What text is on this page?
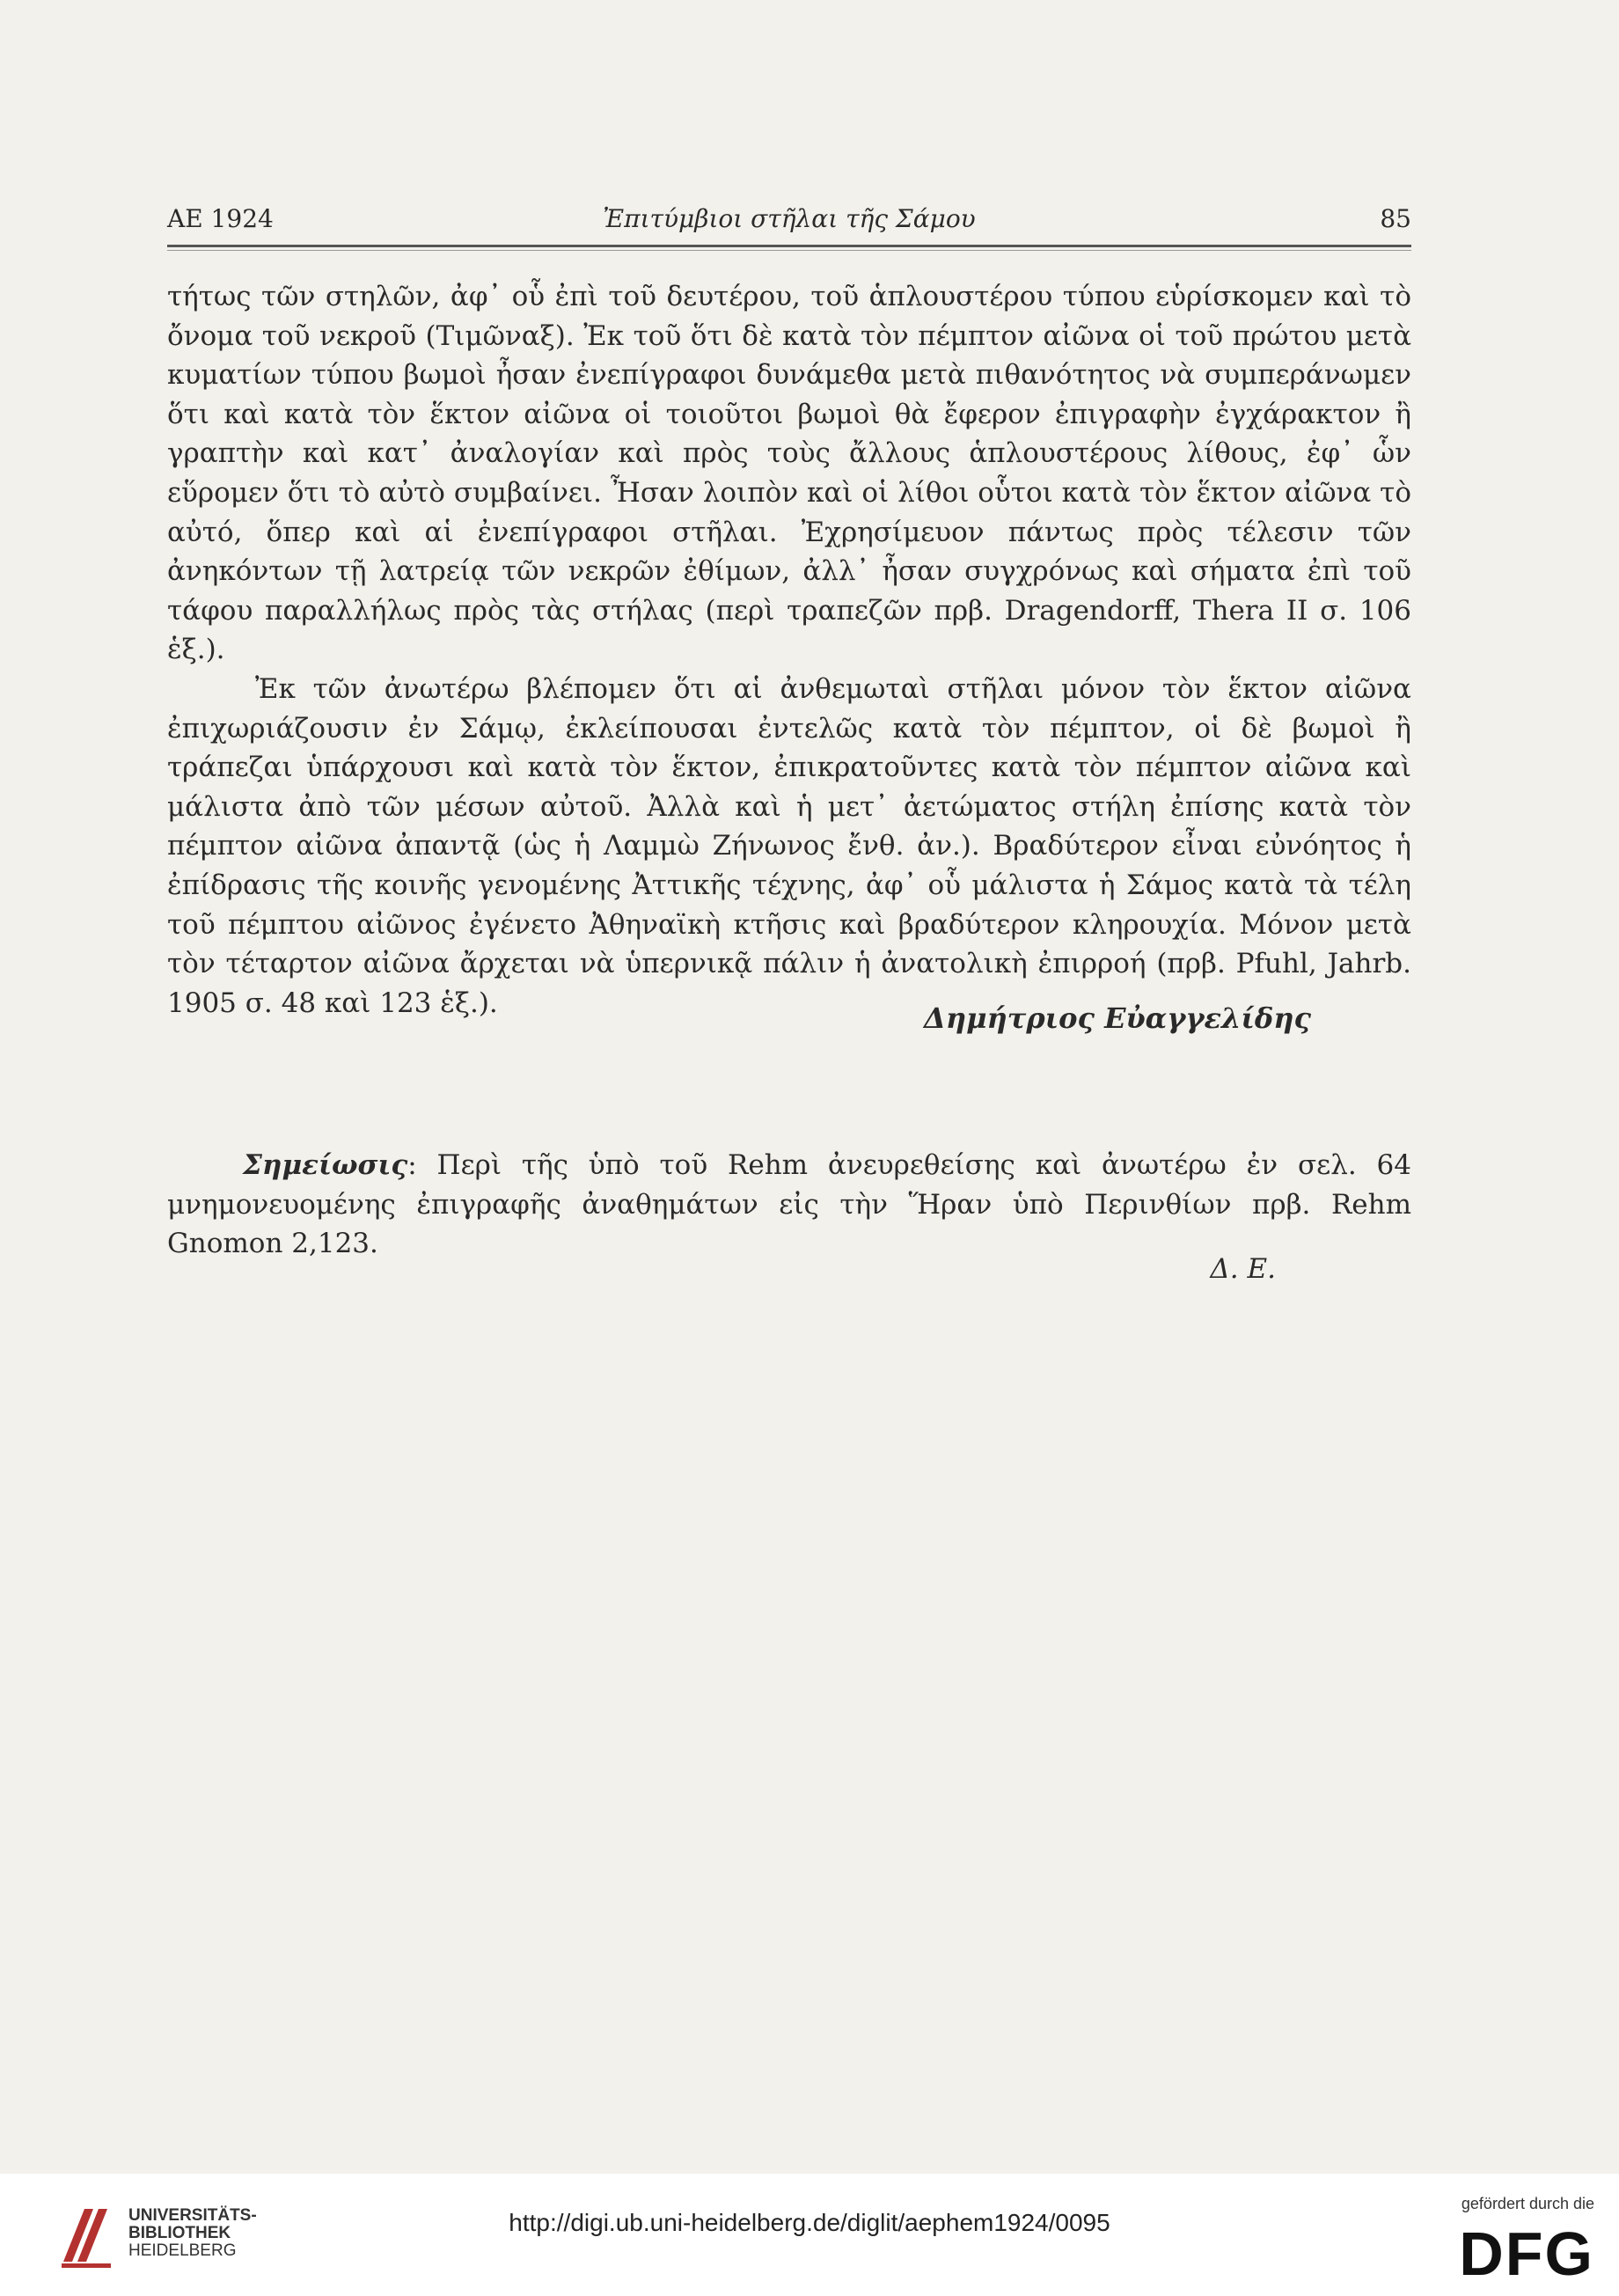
ΑΕ 1924	Ἐπιτύμβιοι στῆλαι τῆς Σάμου	85

τήτως τῶν στηλῶν, ἀφ᾽ οὗ ἐπὶ τοῦ δευτέρου, τοῦ ἁπλουστέρου τύπου εὑρίσκομεν καὶ τὸ ὄνομα τοῦ νεκροῦ (Τιμῶναξ). Ἐκ τοῦ ὅτι δὲ κατὰ τὸν πέμπτον αἰῶνα οἱ τοῦ πρώτου μετὰ κυματίων τύπου βωμοὶ ἦσαν ἐνεπίγραφοι δυνάμεθα μετὰ πιθανότητος νὰ συμπεράνωμεν ὅτι καὶ κατὰ τὸν ἕκτον αἰῶνα οἱ τοιοῦτοι βωμοὶ θὰ ἔφερον ἐπιγραφὴν ἐγχάρακτον ἢ γραπτὴν καὶ κατ᾽ ἀναλογίαν καὶ πρὸς τοὺς ἄλλους ἁπλουστέρους λίθους, ἐφ᾽ ὧν εὕρομεν ὅτι τὸ αὐτὸ συμβαίνει. Ἦσαν λοιπὸν καὶ οἱ λίθοι οὗτοι κατὰ τὸν ἕκτον αἰῶνα τὸ αὐτό, ὅπερ καὶ αἱ ἐνεπίγραφοι στῆλαι. Ἐχρησίμευον πάντως πρὸς τέλεσιν τῶν ἀνηκόντων τῇ λατρείᾳ τῶν νεκρῶν ἐθίμων, ἀλλ᾽ ἦσαν συγχρόνως καὶ σήματα ἐπὶ τοῦ τάφου παραλλήλως πρὸς τὰς στήλας (περὶ τραπεζῶν πρβ. Dragendorff, Thera II σ. 106 ἑξ.).

Ἐκ τῶν ἀνωτέρω βλέπομεν ὅτι αἱ ἀνθεμωταὶ στῆλαι μόνον τὸν ἕκτον αἰῶνα ἐπιχωριάζουσιν ἐν Σάμῳ, ἐκλείπουσαι ἐντελῶς κατὰ τὸν πέμπτον, οἱ δὲ βωμοὶ ἢ τράπεζαι ὑπάρχουσι καὶ κατὰ τὸν ἕκτον, ἐπικρατοῦντες κατὰ τὸν πέμπτον αἰῶνα καὶ μάλιστα ἀπὸ τῶν μέσων αὐτοῦ. Ἀλλὰ καὶ ἡ μετ᾽ ἀετώματος στήλη ἐπίσης κατὰ τὸν πέμπτον αἰῶνα ἀπαντᾷ (ὡς ἡ Λαμμὼ Ζήνωνος ἔνθ. ἀν.). Βραδύτερον εἶναι εὐνόητος ἡ ἐπίδρασις τῆς κοινῆς γενομένης Ἀττικῆς τέχνης, ἀφ᾽ οὗ μάλιστα ἡ Σάμος κατὰ τὰ τέλη τοῦ πέμπτου αἰῶνος ἐγένετο Ἀθηναϊκὴ κτῆσις καὶ βραδύτερον κληρουχία. Μόνον μετὰ τὸν τέταρτον αἰῶνα ἄρχεται νὰ ὑπερνικᾷ πάλιν ἡ ἀνατολικὴ ἐπιρροή (πρβ. Pfuhl, Jahrb. 1905 σ. 48 καὶ 123 ἑξ.).	Δημήτριος Εὐαγγελίδης
Σημείωσις: Περὶ τῆς ὑπὸ τοῦ Rehm ἀνευρεθείσης καὶ ἀνωτέρω ἐν σελ. 64 μνημονευομένης ἐπιγραφῆς ἀναθημάτων εἰς τὴν Ἥραν ὑπὸ Περινθίων πρβ. Rehm Gnomon 2,123.
Δ. Ε.
UNIVERSITÄTS-
BIBLIOTHEK
HEIDELBERG
http://digi.ub.uni-heidelberg.de/diglit/aephem1924/0095
gefördert durch die
DFG
